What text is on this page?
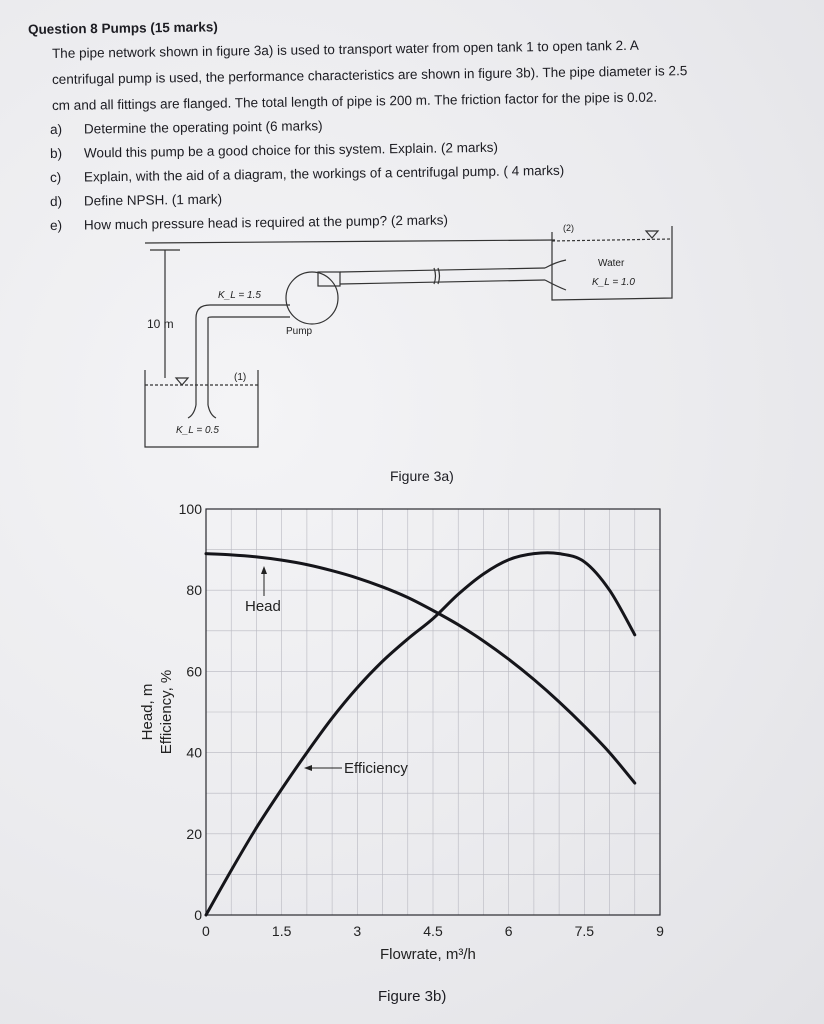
Question 8 Pumps (15 marks)
The pipe network shown in figure 3a) is used to transport water from open tank 1 to open tank 2. A
centrifugal pump is used, the performance characteristics are shown in figure 3b). The pipe diameter is 2.5
cm and all fittings are flanged. The total length of pipe is 200 m. The friction factor for the pipe is 0.02.
a) Determine the operating point (6 marks)
b) Would this pump be a good choice for this system. Explain. (2 marks)
c) Explain, with the aid of a diagram, the workings of a centrifugal pump. ( 4 marks)
d) Define NPSH. (1 mark)
e) How much pressure head is required at the pump? (2 marks)
K_L = 1.5
10 m
Pump
(1)
(2)
K_L = 0.5
Water
K_L = 1.0
Figure 3a)
0	1.5	3	4.5	6	7.5	9
0
20
40
60
80
100
Head
Efficiency
Flowrate, m³/h
Head, m Efficiency, %
Figure 3b)
